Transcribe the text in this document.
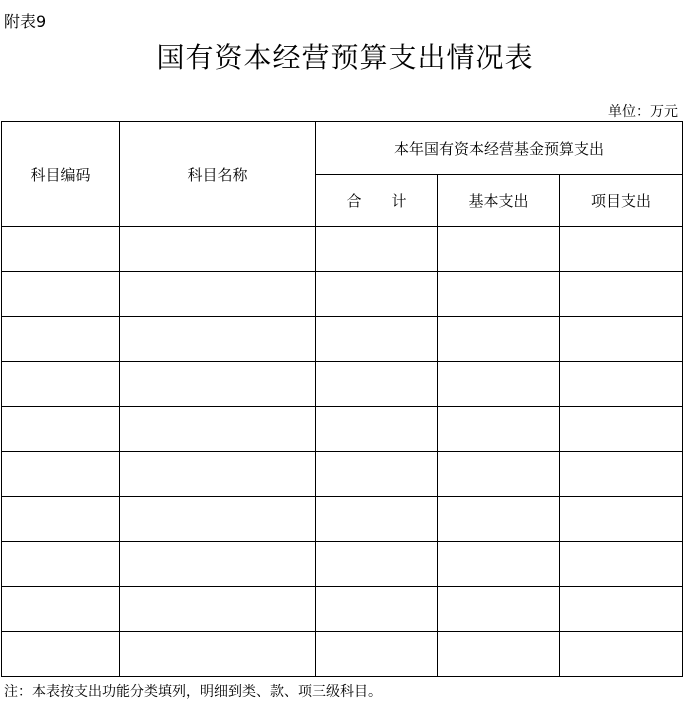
附表9
国有资本经营预算支出情况表
单位：万元
科目编码	科目名称	本年国有资本经营基金预算支出		
		合　　计	基本支出	项目支出

注：本表按支出功能分类填列，明细到类、款、项三级科目。
